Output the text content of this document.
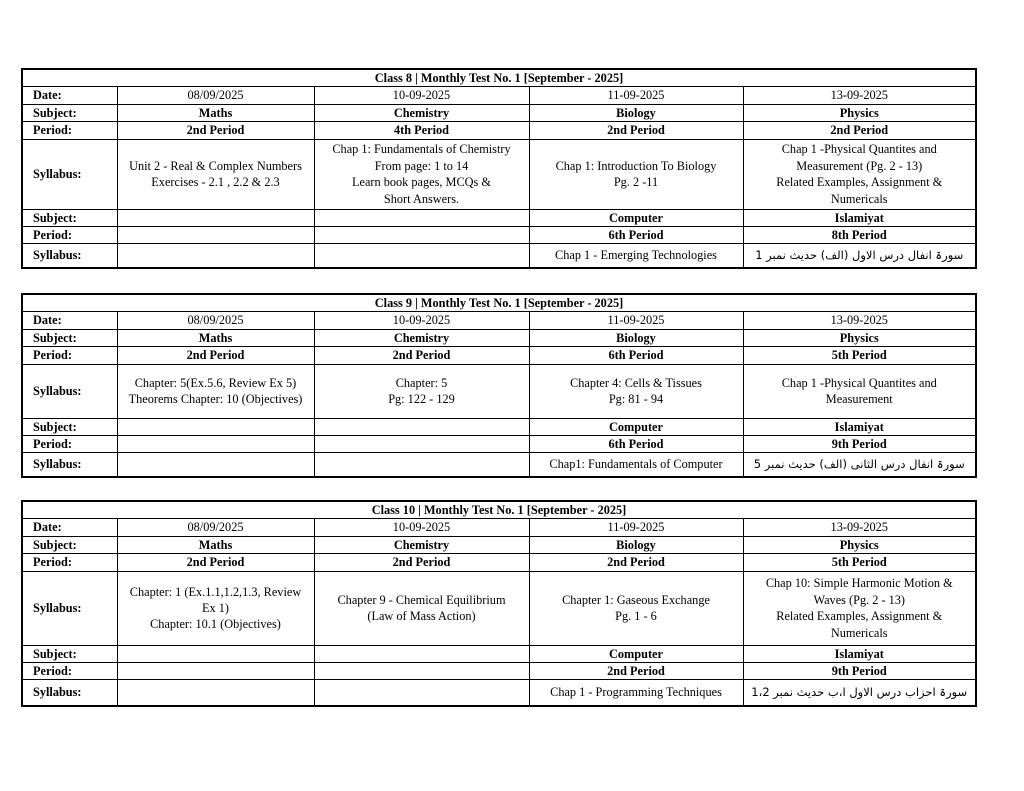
Class 8 | Monthly Test No. 1 [September - 2025]				
Date:	08/09/2025	10-09-2025	11-09-2025	13-09-2025
Subject:	Maths	Chemistry	Biology	Physics
Period:	2nd Period	4th Period	2nd Period	2nd Period
Syllabus:	Unit 2 - Real & Complex Numbers
Exercises - 2.1 , 2.2 & 2.3	Chap 1: Fundamentals of Chemistry
From page: 1 to 14
Learn book pages, MCQs &
Short Answers.	Chap 1: Introduction To Biology
Pg. 2 -11	Chap 1 -Physical Quantites and
Measurement (Pg. 2 - 13)
Related Examples, Assignment &
Numericals
Subject:			Computer	Islamiyat
Period:			6th Period	8th Period
Syllabus:			Chap 1 - Emerging Technologies	سورۃ انفال درس الاول (الف) حدیث نمبر 1
Class 9 | Monthly Test No. 1 [September - 2025]				
Date:	08/09/2025	10-09-2025	11-09-2025	13-09-2025
Subject:	Maths	Chemistry	Biology	Physics
Period:	2nd Period	2nd Period	6th Period	5th Period
Syllabus:	Chapter: 5(Ex.5.6, Review Ex 5)
Theorems Chapter: 10 (Objectives)	Chapter: 5
Pg: 122 - 129	Chapter 4: Cells & Tissues
Pg: 81 - 94	Chap 1 -Physical Quantites and
Measurement
Subject:			Computer	Islamiyat
Period:			6th Period	9th Period
Syllabus:			Chap1: Fundamentals of Computer	سورۃ انفال درس الثانی (الف) حدیث نمبر 5
Class 10 | Monthly Test No. 1 [September - 2025]				
Date:	08/09/2025	10-09-2025	11-09-2025	13-09-2025
Subject:	Maths	Chemistry	Biology	Physics
Period:	2nd Period	2nd Period	2nd Period	5th Period
Syllabus:	Chapter: 1 (Ex.1.1,1.2,1.3, Review
Ex 1)
Chapter: 10.1 (Objectives)	Chapter 9 - Chemical Equilibrium
(Law of Mass Action)	Chapter 1: Gaseous Exchange
Pg. 1 - 6	Chap 10: Simple Harmonic Motion &
Waves (Pg. 2 - 13)
Related Examples, Assignment &
Numericals
Subject:			Computer	Islamiyat
Period:			2nd Period	9th Period
Syllabus:			Chap 1 - Programming Techniques	سورۃ احزاب درس الاول ا،ب حدیث نمبر 1،2
